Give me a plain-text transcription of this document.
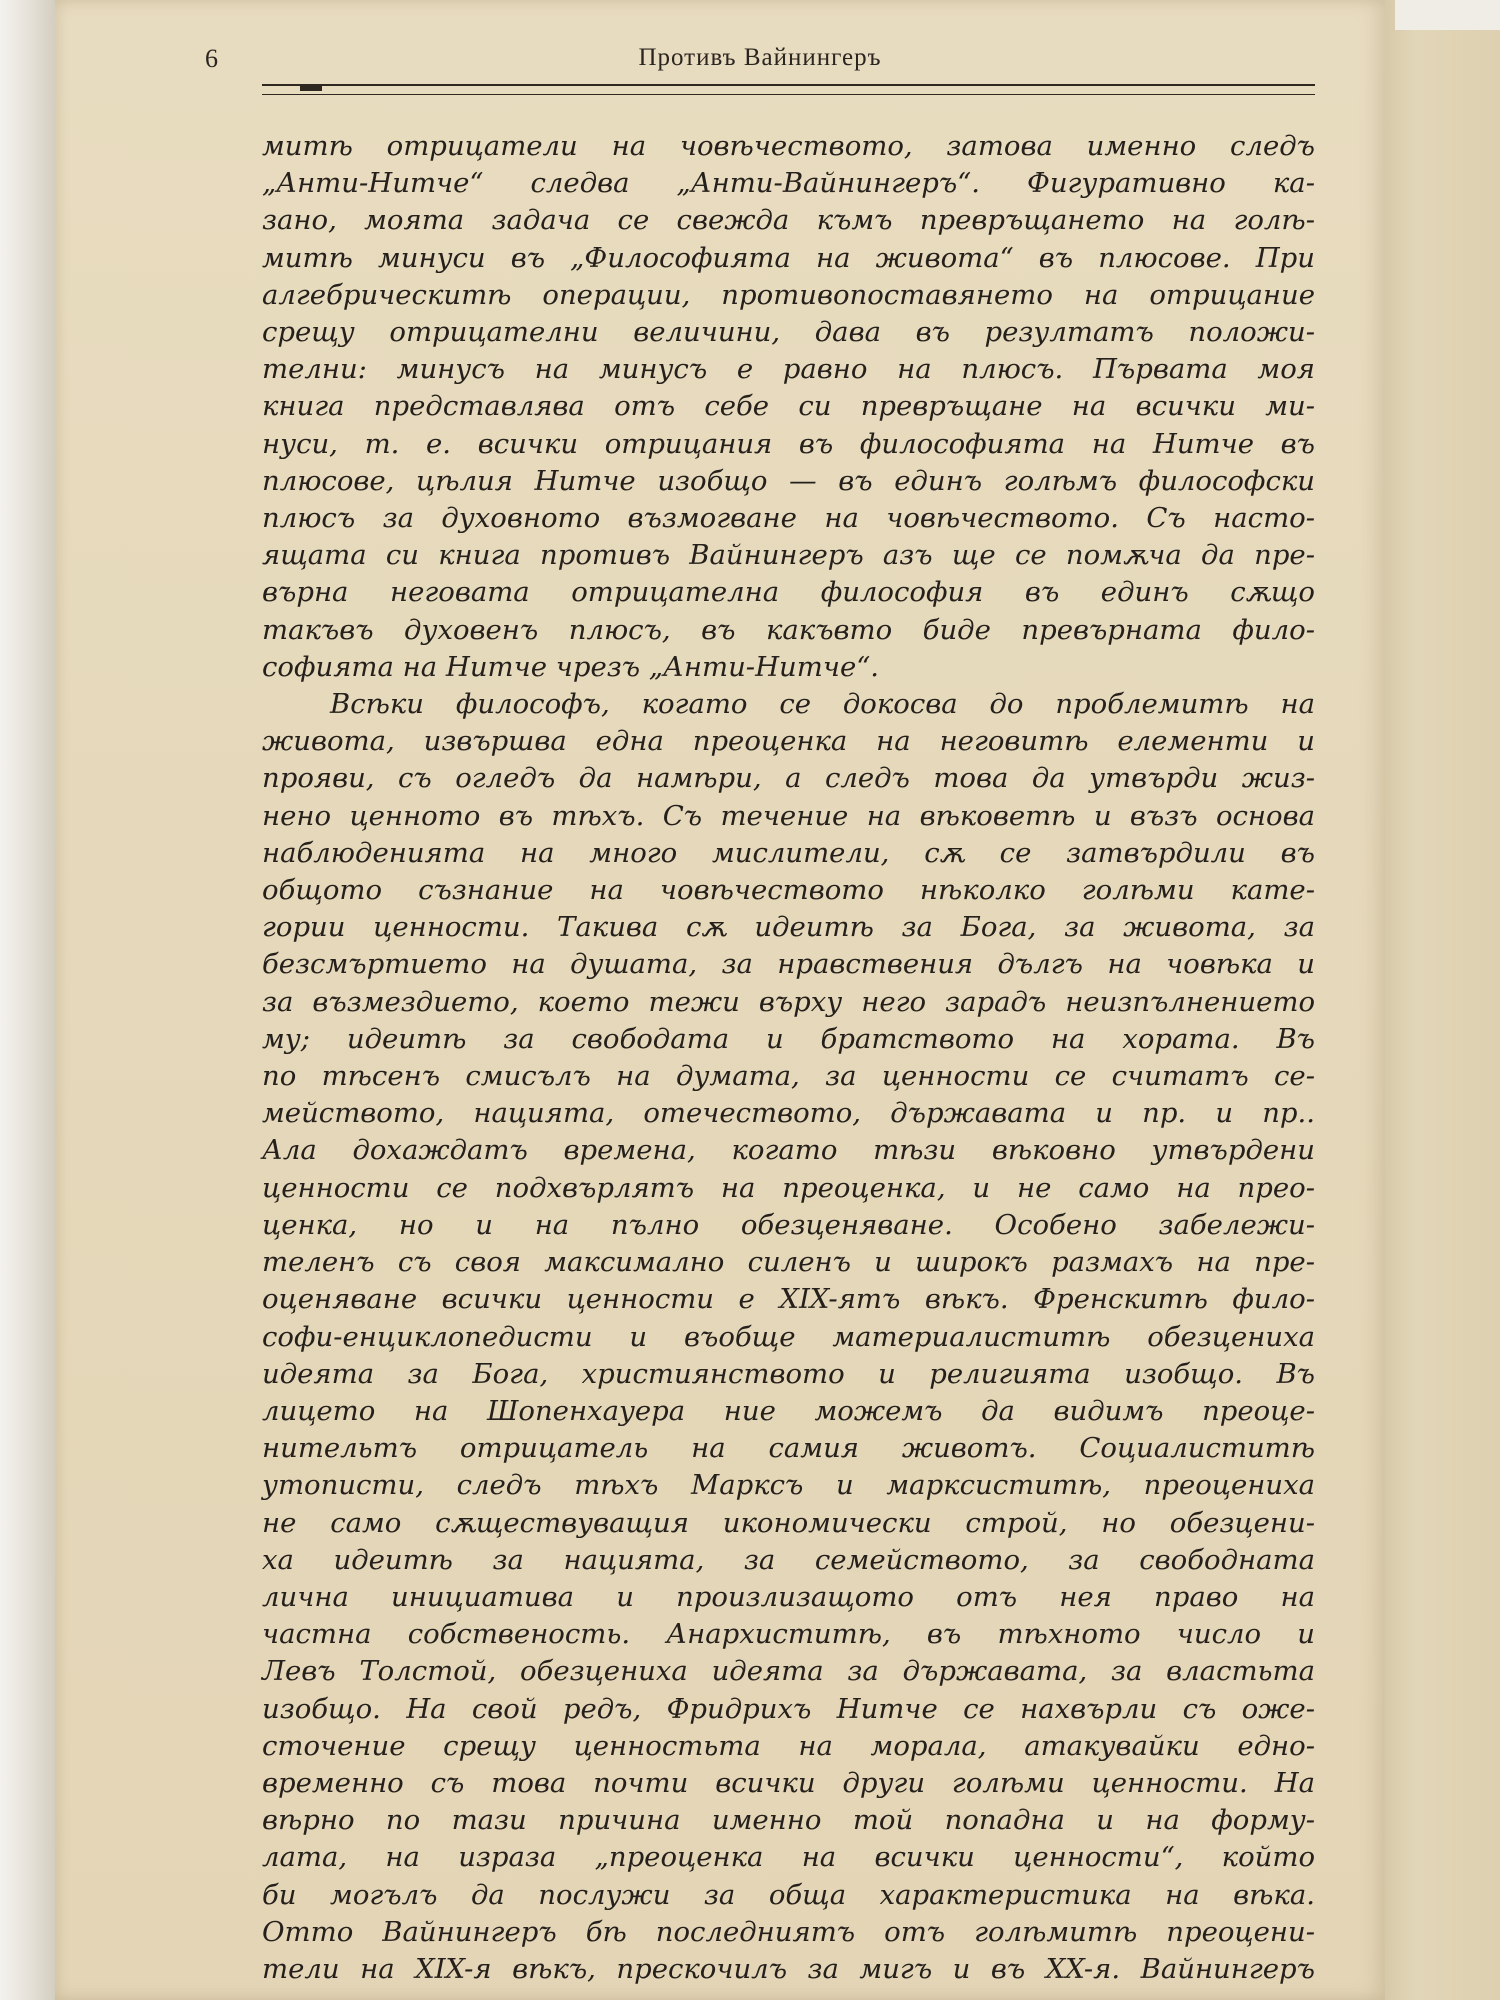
6	Противъ Вайнингеръ

митѣ отрицатели на човѣчеството, затова именно следъ

„Анти-Нитче“ следва „Анти-Вайнингеръ“. Фигуративно ка-

зано, моята задача се свежда къмъ превръщането на голѣ-

митѣ минуси въ „Философията на живота“ въ плюсове. При

алгебрическитѣ операции, противопоставянето на отрицание

срещу отрицателни величини, дава въ резултатъ положи-

телни: минусъ на минусъ е равно на плюсъ. Първата моя

книга представлява отъ себе си превръщане на всички ми-

нуси, т. е. всички отрицания въ философията на Нитче въ

плюсове, цѣлия Нитче изобщо — въ единъ голѣмъ философски

плюсъ за духовното възмогване на човѣчеството. Съ насто-

ящата си книга противъ Вайнингеръ азъ ще се помѫча да пре-

върна неговата отрицателна философия въ единъ сѫщо

такъвъ духовенъ плюсъ, въ какъвто биде превърната фило-

софията на Нитче чрезъ „Анти-Нитче“.

Всѣки философъ, когато се докосва до проблемитѣ на

живота, извършва една преоценка на неговитѣ елементи и

прояви, съ огледъ да намѣри, а следъ това да утвърди жиз-

нено ценното въ тѣхъ. Съ течение на вѣковетѣ и възъ основа

наблюденията на много мислители, сѫ се затвърдили въ

общото съзнание на човѣчеството нѣколко голѣми кате-

гории ценности. Такива сѫ идеитѣ за Бога, за живота, за

безсмъртието на душата, за нравствения дългъ на човѣка и

за възмездието, което тежи върху него зарадъ неизпълнението

му; идеитѣ за свободата и братството на хората. Въ

по тѣсенъ смисълъ на думата, за ценности се считатъ се-

мейството, нацията, отечеството, държавата и пр. и пр..

Ала дохаждатъ времена, когато тѣзи вѣковно утвърдени

ценности се подхвърлятъ на преоценка, и не само на прео-

ценка, но и на пълно обезценяване. Особено забележи-

теленъ съ своя максимално силенъ и широкъ размахъ на пре-

оценяване всички ценности е XIX-ятъ вѣкъ. Френскитѣ фило-

софи-енциклопедисти и въобще материалиститѣ обезцениха

идеята за Бога, християнството и религията изобщо. Въ

лицето на Шопенхауера ние можемъ да видимъ преоце-

нительтъ отрицатель на самия животъ. Социалиститѣ

утописти, следъ тѣхъ Марксъ и марксиститѣ, преоцениха

не само сѫществуващия икономически строй, но обезцени-

ха идеитѣ за нацията, за семейството, за свободната

лична инициатива и произлизащото отъ нея право на

частна собственость. Анархиститѣ, въ тѣхното число и

Левъ Толстой, обезцениха идеята за държавата, за властьта

изобщо. На свой редъ, Фридрихъ Нитче се нахвърли съ оже-

сточение срещу ценностьта на морала, атакувайки едно-

временно съ това почти всички други голѣми ценности. На

вѣрно по тази причина именно той попадна и на форму-

лата, на израза „преоценка на всички ценности“, който

би могълъ да послужи за обща характеристика на вѣка.

Отто Вайнингеръ бѣ последниятъ отъ голѣмитѣ преоцени-

тели на XIX-я вѣкъ, прескочилъ за мигъ и въ XX-я. Вайнингеръ
